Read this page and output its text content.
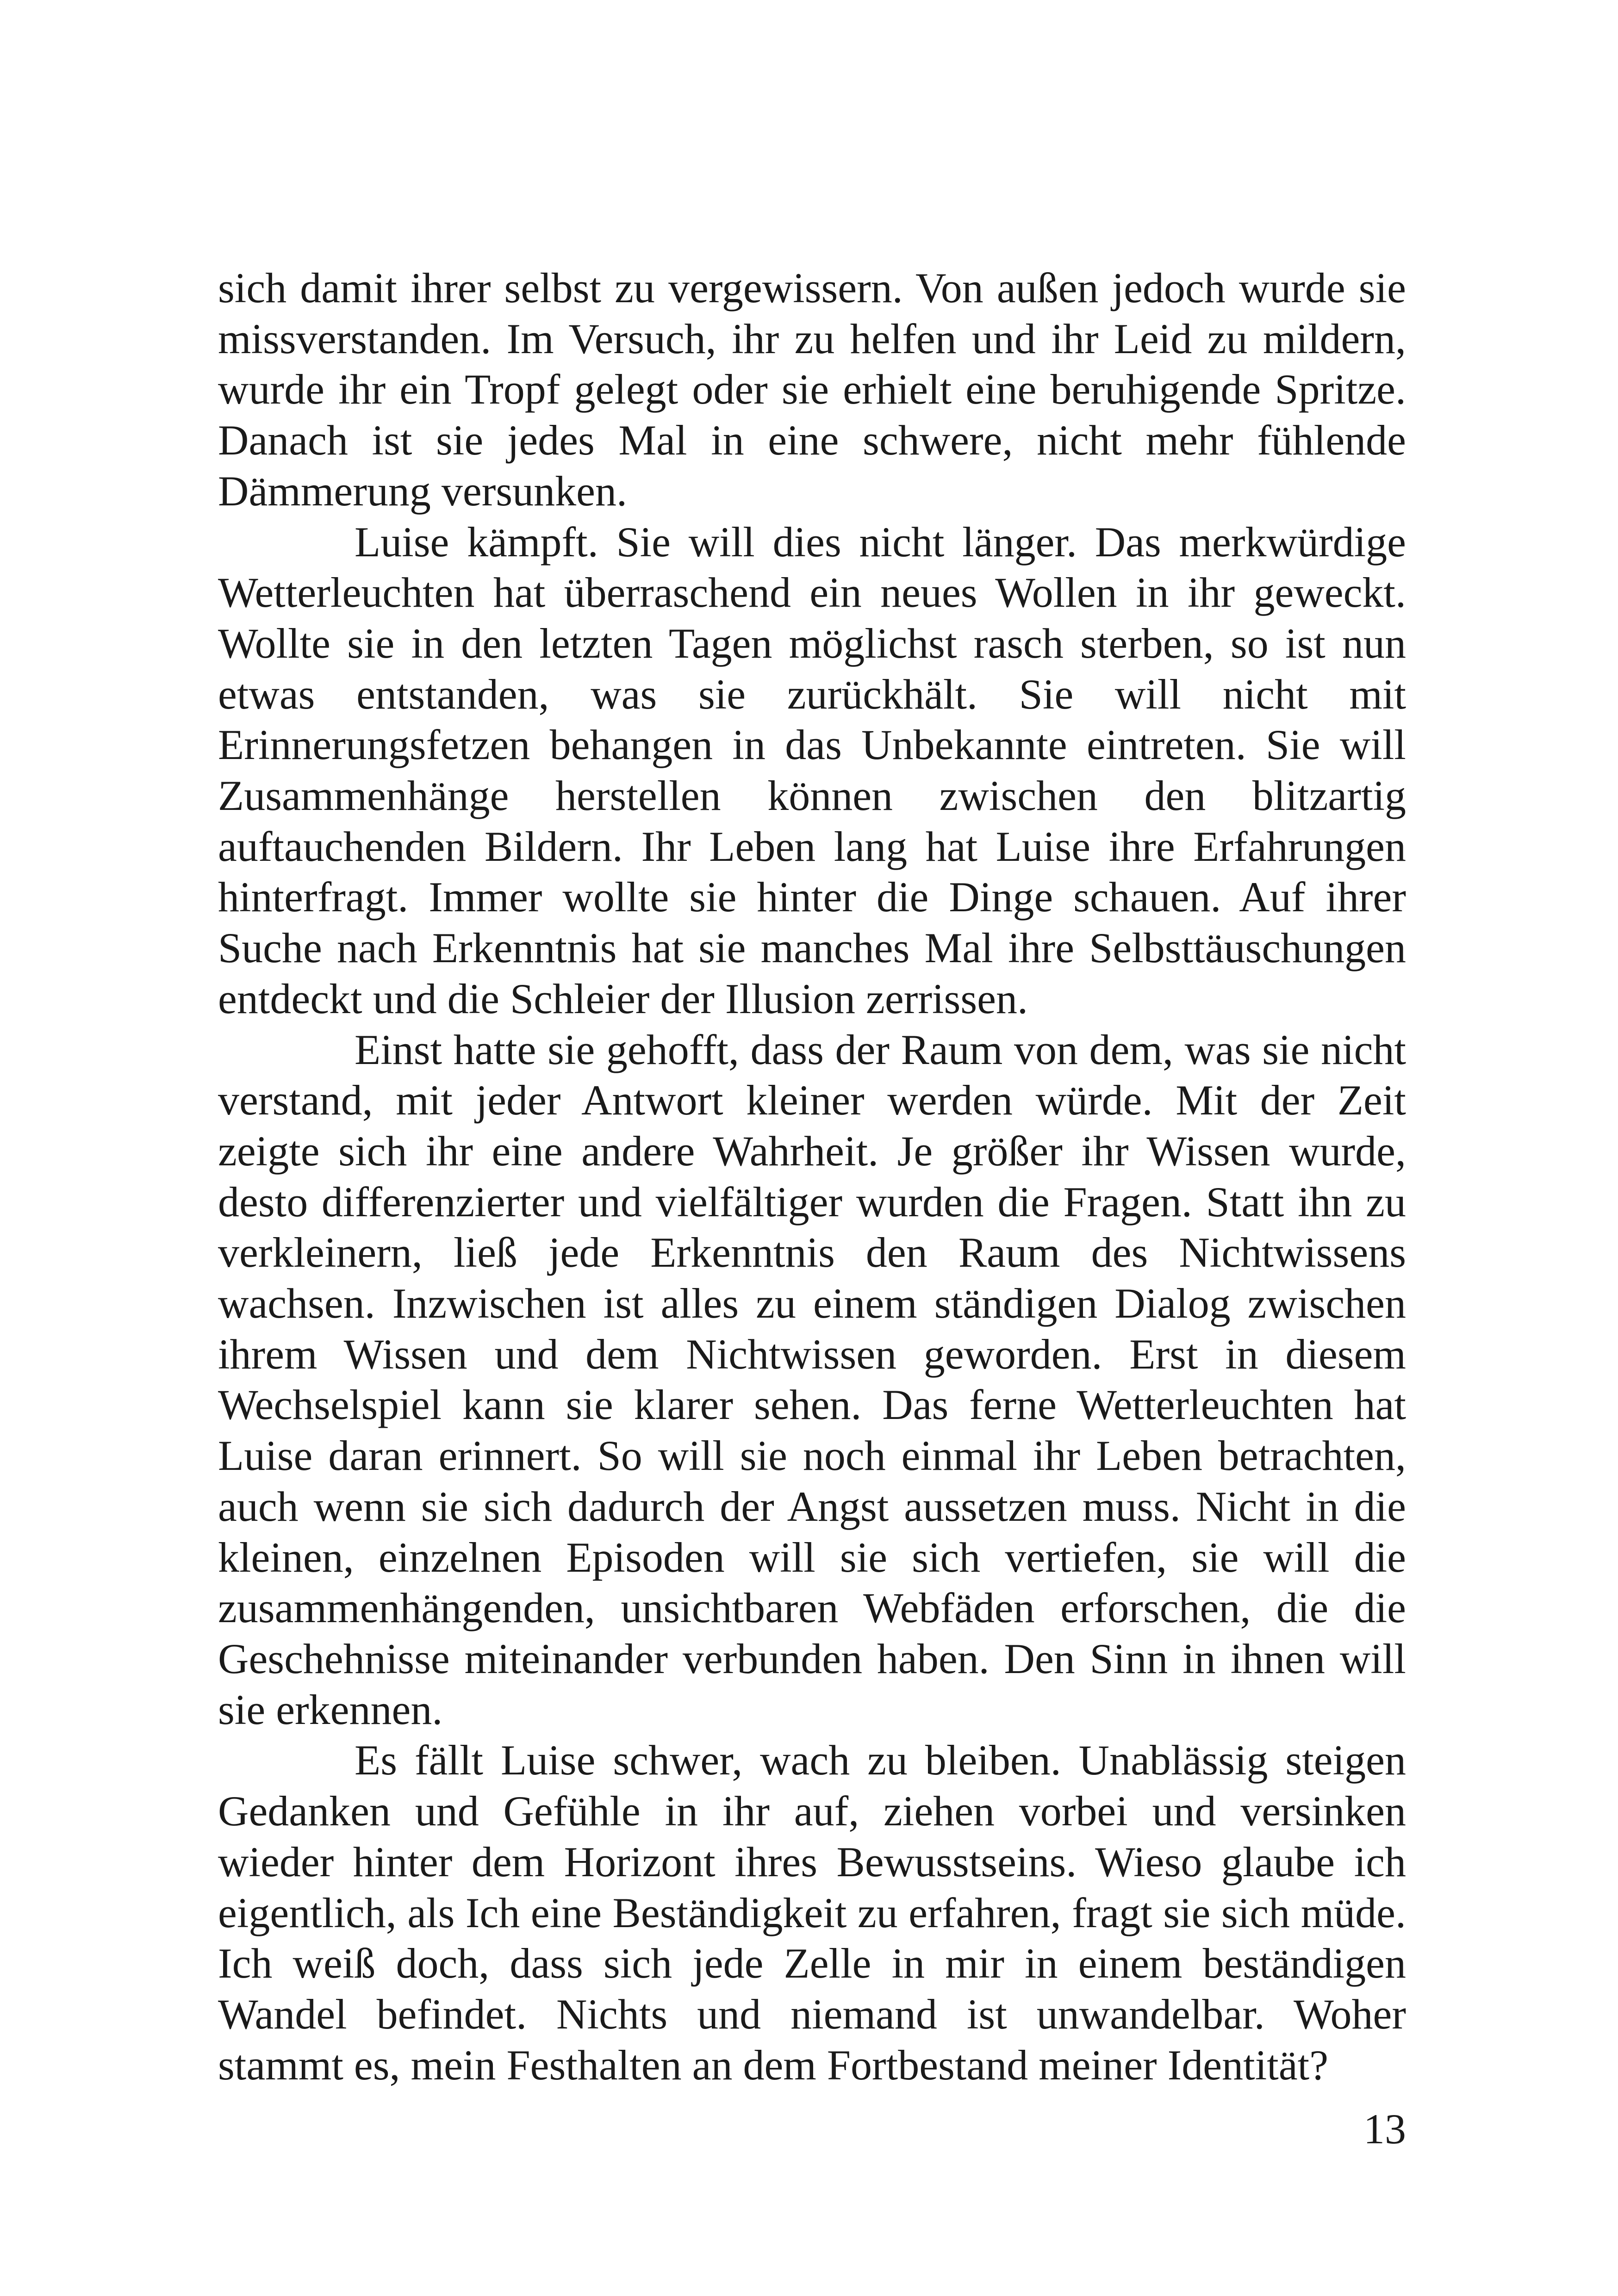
sich damit ihrer selbst zu vergewissern. Von außen jedoch wurde sie missverstanden. Im Versuch, ihr zu helfen und ihr Leid zu mildern, wurde ihr ein Tropf gelegt oder sie erhielt eine beruhigende Spritze. Danach ist sie jedes Mal in eine schwere, nicht mehr fühlende Dämmerung versunken.

Luise kämpft. Sie will dies nicht länger. Das merkwürdige Wetterleuchten hat überraschend ein neues Wollen in ihr geweckt. Wollte sie in den letzten Tagen möglichst rasch sterben, so ist nun etwas entstanden, was sie zurückhält. Sie will nicht mit Erinnerungsfetzen behangen in das Unbekannte eintreten. Sie will Zusammenhänge herstellen können zwischen den blitzartig auftauchenden Bildern. Ihr Leben lang hat Luise ihre Erfahrungen hinterfragt. Immer wollte sie hinter die Dinge schauen. Auf ihrer Suche nach Erkenntnis hat sie manches Mal ihre Selbsttäuschungen entdeckt und die Schleier der Illusion zerrissen.

Einst hatte sie gehofft, dass der Raum von dem, was sie nicht verstand, mit jeder Antwort kleiner werden würde. Mit der Zeit zeigte sich ihr eine andere Wahrheit. Je größer ihr Wissen wurde, desto differenzierter und vielfältiger wurden die Fragen. Statt ihn zu verkleinern, ließ jede Erkenntnis den Raum des Nichtwissens wachsen. Inzwischen ist alles zu einem ständigen Dialog zwischen ihrem Wissen und dem Nichtwissen geworden. Erst in diesem Wechselspiel kann sie klarer sehen. Das ferne Wetterleuchten hat Luise daran erinnert. So will sie noch einmal ihr Leben betrachten, auch wenn sie sich dadurch der Angst aussetzen muss. Nicht in die kleinen, einzelnen Episoden will sie sich vertiefen, sie will die zusammenhängenden, unsichtbaren Webfäden erforschen, die die Geschehnisse miteinander verbunden haben. Den Sinn in ihnen will sie erkennen.

Es fällt Luise schwer, wach zu bleiben. Unablässig steigen Gedanken und Gefühle in ihr auf, ziehen vorbei und versinken wieder hinter dem Horizont ihres Bewusstseins. Wieso glaube ich eigentlich, als Ich eine Beständigkeit zu erfahren, fragt sie sich müde. Ich weiß doch, dass sich jede Zelle in mir in einem beständigen Wandel befindet. Nichts und niemand ist unwandelbar. Woher stammt es, mein Festhalten an dem Fortbestand meiner Identität?

13
